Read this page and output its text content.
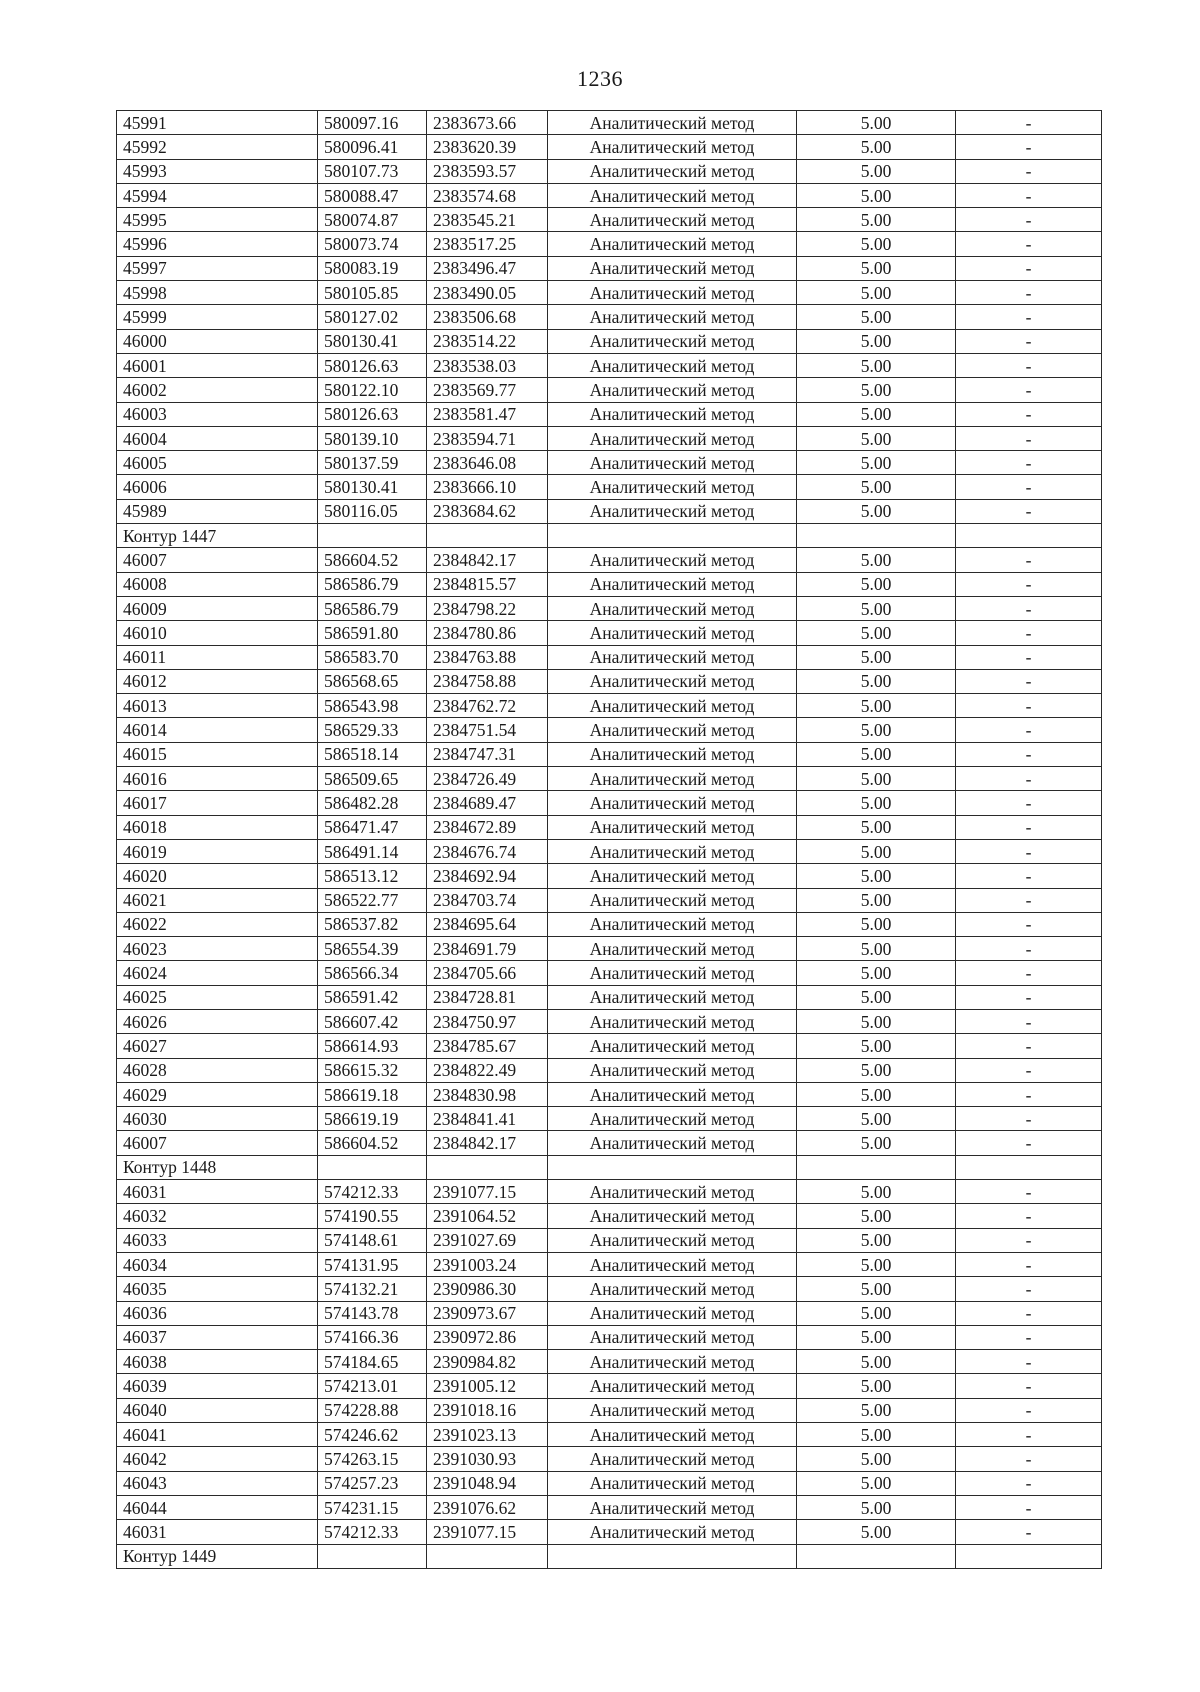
1236
45991	580097.16	2383673.66	Аналитический метод	5.00	-
45992	580096.41	2383620.39	Аналитический метод	5.00	-
45993	580107.73	2383593.57	Аналитический метод	5.00	-
45994	580088.47	2383574.68	Аналитический метод	5.00	-
45995	580074.87	2383545.21	Аналитический метод	5.00	-
45996	580073.74	2383517.25	Аналитический метод	5.00	-
45997	580083.19	2383496.47	Аналитический метод	5.00	-
45998	580105.85	2383490.05	Аналитический метод	5.00	-
45999	580127.02	2383506.68	Аналитический метод	5.00	-
46000	580130.41	2383514.22	Аналитический метод	5.00	-
46001	580126.63	2383538.03	Аналитический метод	5.00	-
46002	580122.10	2383569.77	Аналитический метод	5.00	-
46003	580126.63	2383581.47	Аналитический метод	5.00	-
46004	580139.10	2383594.71	Аналитический метод	5.00	-
46005	580137.59	2383646.08	Аналитический метод	5.00	-
46006	580130.41	2383666.10	Аналитический метод	5.00	-
45989	580116.05	2383684.62	Аналитический метод	5.00	-
Контур 1447					
46007	586604.52	2384842.17	Аналитический метод	5.00	-
46008	586586.79	2384815.57	Аналитический метод	5.00	-
46009	586586.79	2384798.22	Аналитический метод	5.00	-
46010	586591.80	2384780.86	Аналитический метод	5.00	-
46011	586583.70	2384763.88	Аналитический метод	5.00	-
46012	586568.65	2384758.88	Аналитический метод	5.00	-
46013	586543.98	2384762.72	Аналитический метод	5.00	-
46014	586529.33	2384751.54	Аналитический метод	5.00	-
46015	586518.14	2384747.31	Аналитический метод	5.00	-
46016	586509.65	2384726.49	Аналитический метод	5.00	-
46017	586482.28	2384689.47	Аналитический метод	5.00	-
46018	586471.47	2384672.89	Аналитический метод	5.00	-
46019	586491.14	2384676.74	Аналитический метод	5.00	-
46020	586513.12	2384692.94	Аналитический метод	5.00	-
46021	586522.77	2384703.74	Аналитический метод	5.00	-
46022	586537.82	2384695.64	Аналитический метод	5.00	-
46023	586554.39	2384691.79	Аналитический метод	5.00	-
46024	586566.34	2384705.66	Аналитический метод	5.00	-
46025	586591.42	2384728.81	Аналитический метод	5.00	-
46026	586607.42	2384750.97	Аналитический метод	5.00	-
46027	586614.93	2384785.67	Аналитический метод	5.00	-
46028	586615.32	2384822.49	Аналитический метод	5.00	-
46029	586619.18	2384830.98	Аналитический метод	5.00	-
46030	586619.19	2384841.41	Аналитический метод	5.00	-
46007	586604.52	2384842.17	Аналитический метод	5.00	-
Контур 1448					
46031	574212.33	2391077.15	Аналитический метод	5.00	-
46032	574190.55	2391064.52	Аналитический метод	5.00	-
46033	574148.61	2391027.69	Аналитический метод	5.00	-
46034	574131.95	2391003.24	Аналитический метод	5.00	-
46035	574132.21	2390986.30	Аналитический метод	5.00	-
46036	574143.78	2390973.67	Аналитический метод	5.00	-
46037	574166.36	2390972.86	Аналитический метод	5.00	-
46038	574184.65	2390984.82	Аналитический метод	5.00	-
46039	574213.01	2391005.12	Аналитический метод	5.00	-
46040	574228.88	2391018.16	Аналитический метод	5.00	-
46041	574246.62	2391023.13	Аналитический метод	5.00	-
46042	574263.15	2391030.93	Аналитический метод	5.00	-
46043	574257.23	2391048.94	Аналитический метод	5.00	-
46044	574231.15	2391076.62	Аналитический метод	5.00	-
46031	574212.33	2391077.15	Аналитический метод	5.00	-
Контур 1449					
